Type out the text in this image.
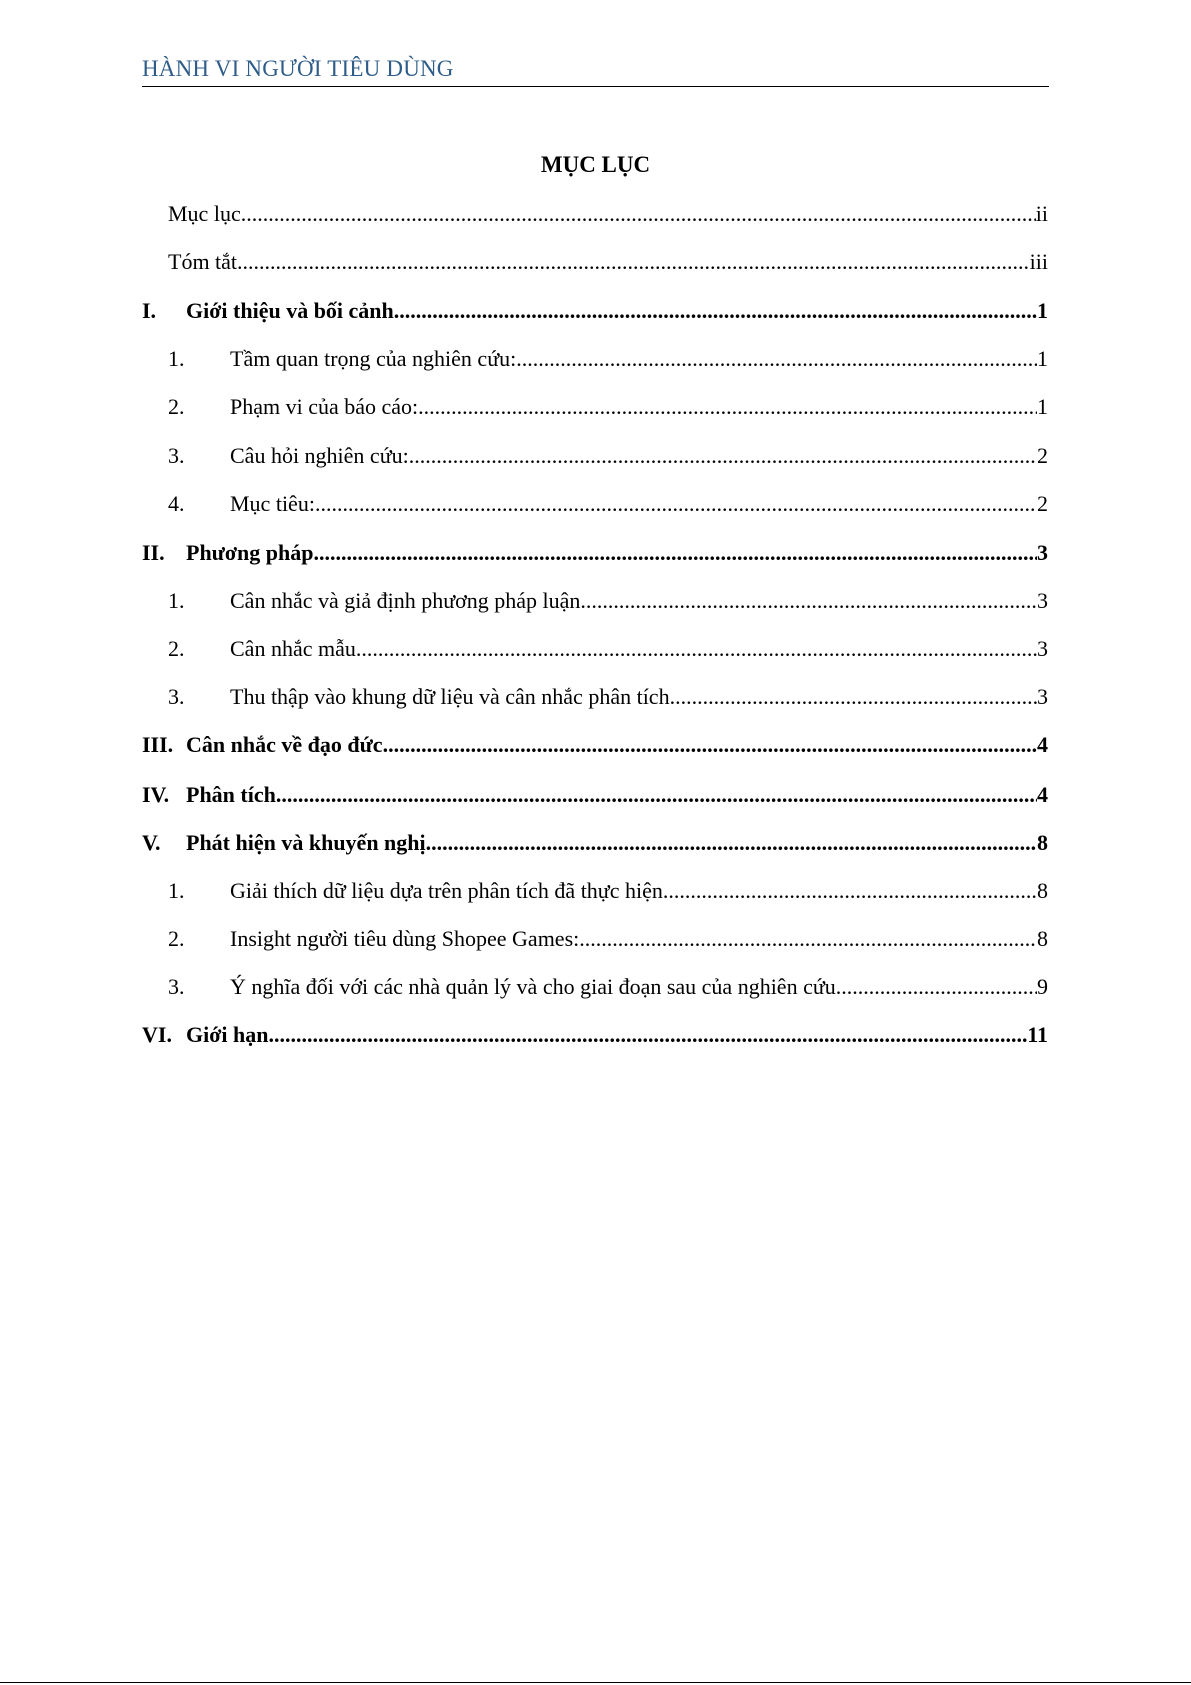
HÀNH VI NGƯỜI TIÊU DÙNG
MỤC LỤC
Mục lục .....	ii
Tóm tắt .....	iii
I.	Giới thiệu và bối cảnh .....	1
1.	Tầm quan trọng của nghiên cứu: .....	1
2.	Phạm vi của báo cáo: .....	1
3.	Câu hỏi nghiên cứu: .....	2
4.	Mục tiêu: .....	2
II. Phương pháp .....	3
1.	Cân nhắc và giả định phương pháp luận .....	3
2.	Cân nhắc mẫu .....	3
3.	Thu thập vào khung dữ liệu và cân nhắc phân tích .....	3
III. Cân nhắc về đạo đức .....	4
IV. Phân tích .....	4
V.	Phát hiện và khuyến nghị .....	8
1.	Giải thích dữ liệu dựa trên phân tích đã thực hiện .....	8
2.	Insight người tiêu dùng Shopee Games: .....	8
3.	Ý nghĩa đối với các nhà quản lý và cho giai đoạn sau của nghiên cứu .....	9
VI. Giới hạn .....	11
